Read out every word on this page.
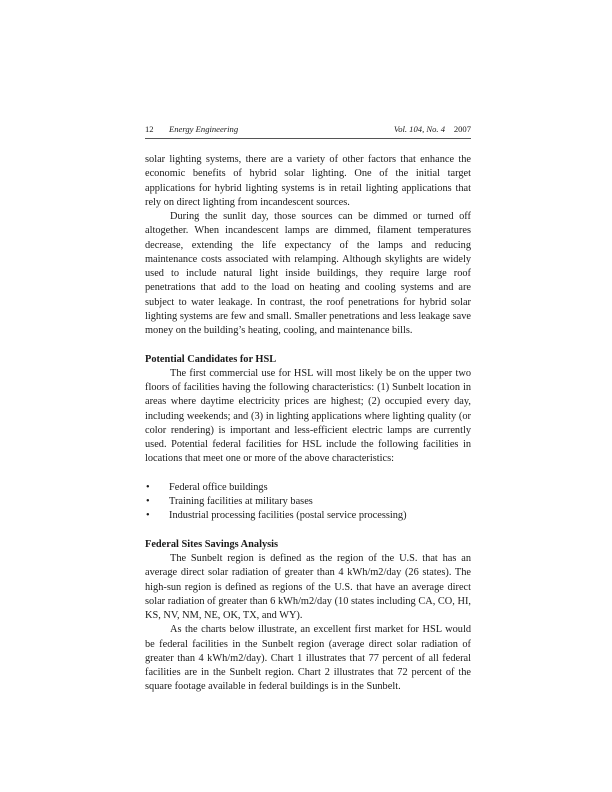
12 Energy Engineering	Vol. 104, No. 4 2007

solar lighting systems, there are a variety of other factors that enhance the economic benefits of hybrid solar lighting. One of the initial target applications for hybrid lighting systems is in retail lighting applications that rely on direct lighting from incandescent sources.

During the sunlit day, those sources can be dimmed or turned off altogether. When incandescent lamps are dimmed, filament temperatures decrease, extending the life expectancy of the lamps and reducing maintenance costs associated with relamping. Although skylights are widely used to include natural light inside buildings, they require large roof penetrations that add to the load on heating and cooling systems and are subject to water leakage. In contrast, the roof penetrations for hybrid solar lighting systems are few and small. Smaller penetrations and less leakage save money on the building’s heating, cooling, and maintenance bills.

Potential Candidates for HSL

The first commercial use for HSL will most likely be on the upper two floors of facilities having the following characteristics: (1) Sunbelt location in areas where daytime electricity prices are highest; (2) occupied every day, including weekends; and (3) in lighting applications where lighting quality (or color rendering) is important and less-efficient electric lamps are currently used. Potential federal facilities for HSL include the following facilities in locations that meet one or more of the above characteristics:

• Federal office buildings
• Training facilities at military bases
• Industrial processing facilities (postal service processing)
Federal Sites Savings Analysis

The Sunbelt region is defined as the region of the U.S. that has an average direct solar radiation of greater than 4 kWh/m2/day (26 states). The high-sun region is defined as regions of the U.S. that have an average direct solar radiation of greater than 6 kWh/m2/day (10 states including CA, CO, HI, KS, NV, NM, NE, OK, TX, and WY).

As the charts below illustrate, an excellent first market for HSL would be federal facilities in the Sunbelt region (average direct solar radiation of greater than 4 kWh/m2/day). Chart 1 illustrates that 77 percent of all federal facilities are in the Sunbelt region. Chart 2 illustrates that 72 percent of the square footage available in federal buildings is in the Sunbelt.
